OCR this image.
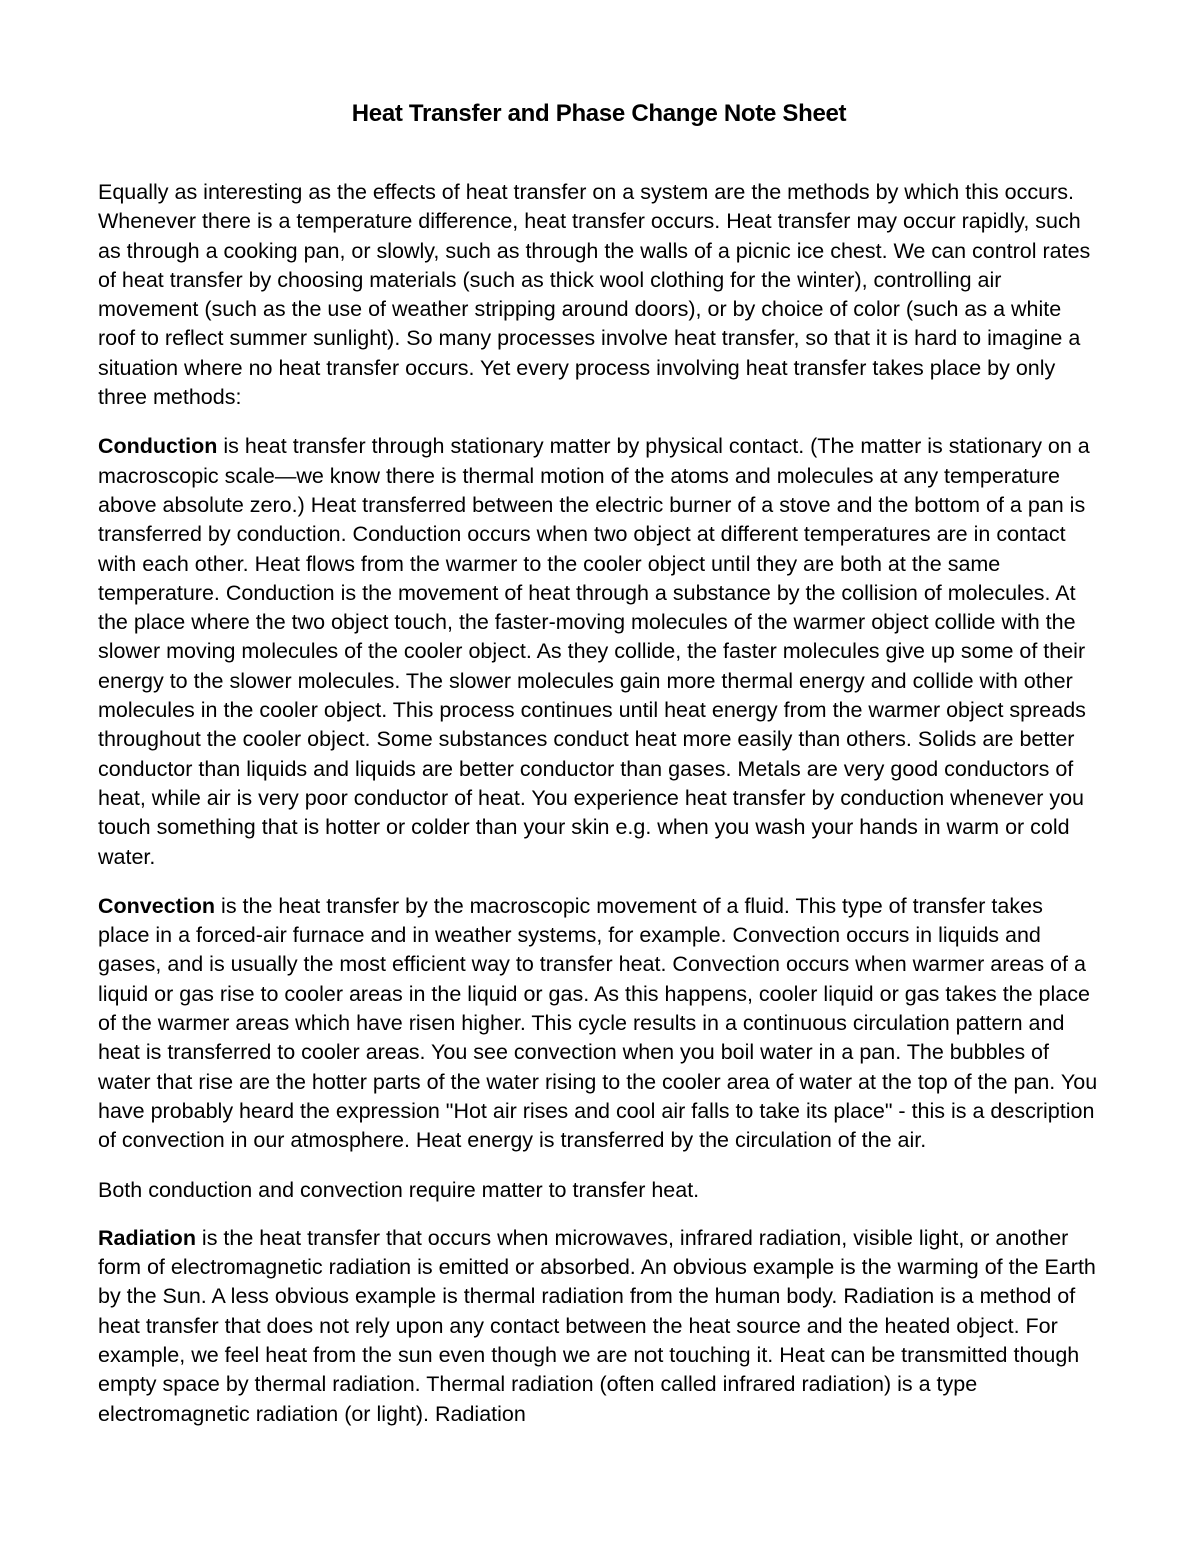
Heat Transfer and Phase Change Note Sheet

Equally as interesting as the effects of heat transfer on a system are the methods by which this occurs. Whenever there is a temperature difference, heat transfer occurs. Heat transfer may occur rapidly, such as through a cooking pan, or slowly, such as through the walls of a picnic ice chest. We can control rates of heat transfer by choosing materials (such as thick wool clothing for the winter), controlling air movement (such as the use of weather stripping around doors), or by choice of color (such as a white roof to reflect summer sunlight). So many processes involve heat transfer, so that it is hard to imagine a situation where no heat transfer occurs. Yet every process involving heat transfer takes place by only three methods:

Conduction is heat transfer through stationary matter by physical contact. (The matter is stationary on a macroscopic scale—we know there is thermal motion of the atoms and molecules at any temperature above absolute zero.) Heat transferred between the electric burner of a stove and the bottom of a pan is transferred by conduction. Conduction occurs when two object at different temperatures are in contact with each other. Heat flows from the warmer to the cooler object until they are both at the same temperature. Conduction is the movement of heat through a substance by the collision of molecules. At the place where the two object touch, the faster-moving molecules of the warmer object collide with the slower moving molecules of the cooler object. As they collide, the faster molecules give up some of their energy to the slower molecules. The slower molecules gain more thermal energy and collide with other molecules in the cooler object. This process continues until heat energy from the warmer object spreads throughout the cooler object. Some substances conduct heat more easily than others. Solids are better conductor than liquids and liquids are better conductor than gases. Metals are very good conductors of heat, while air is very poor conductor of heat. You experience heat transfer by conduction whenever you touch something that is hotter or colder than your skin e.g. when you wash your hands in warm or cold water.

Convection is the heat transfer by the macroscopic movement of a fluid. This type of transfer takes place in a forced-air furnace and in weather systems, for example. Convection occurs in liquids and gases, and is usually the most efficient way to transfer heat. Convection occurs when warmer areas of a liquid or gas rise to cooler areas in the liquid or gas. As this happens, cooler liquid or gas takes the place of the warmer areas which have risen higher. This cycle results in a continuous circulation pattern and heat is transferred to cooler areas. You see convection when you boil water in a pan. The bubbles of water that rise are the hotter parts of the water rising to the cooler area of water at the top of the pan. You have probably heard the expression "Hot air rises and cool air falls to take its place" - this is a description of convection in our atmosphere. Heat energy is transferred by the circulation of the air.

Both conduction and convection require matter to transfer heat.

Radiation is the heat transfer that occurs when microwaves, infrared radiation, visible light, or another form of electromagnetic radiation is emitted or absorbed. An obvious example is the warming of the Earth by the Sun. A less obvious example is thermal radiation from the human body. Radiation is a method of heat transfer that does not rely upon any contact between the heat source and the heated object. For example, we feel heat from the sun even though we are not touching it. Heat can be transmitted though empty space by thermal radiation. Thermal radiation (often called infrared radiation) is a type electromagnetic radiation (or light). Radiation
